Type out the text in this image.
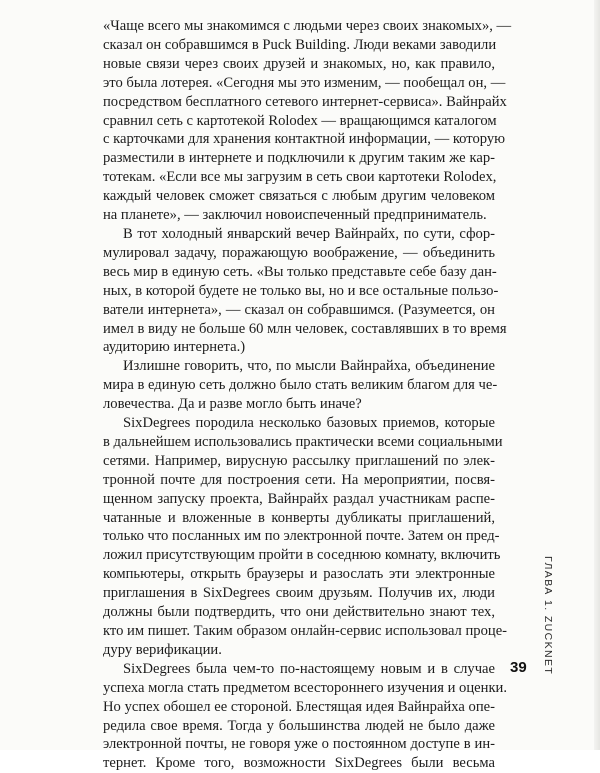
«Чаще всего мы знакомимся с людьми через своих знакомых», —
сказал он собравшимся в Puck Building. Люди веками заводили
новые связи через своих друзей и знакомых, но, как правило,
это была лотерея. «Сегодня мы это изменим, — пообещал он, —
посредством бесплатного сетевого интернет-сервиса». Вайнрайх
сравнил сеть с картотекой Rolodex — вращающимся каталогом
с карточками для хранения контактной информации, — которую
разместили в интернете и подключили к другим таким же кар-
тотекам. «Если все мы загрузим в сеть свои картотеки Rolodex,
каждый человек сможет связаться с любым другим человеком
на планете», — заключил новоиспеченный предприниматель.
В тот холодный январский вечер Вайнрайх, по сути, сфор-
мулировал задачу, поражающую воображение, — объединить
весь мир в единую сеть. «Вы только представьте себе базу дан-
ных, в которой будете не только вы, но и все остальные пользо-
ватели интернета», — сказал он собравшимся. (Разумеется, он
имел в виду не больше 60 млн человек, составлявших в то время
аудиторию интернета.)
Излишне говорить, что, по мысли Вайнрайха, объединение
мира в единую сеть должно было стать великим благом для че-
ловечества. Да и разве могло быть иначе?
SixDegrees породила несколько базовых приемов, которые
в дальнейшем использовались практически всеми социальными
сетями. Например, вирусную рассылку приглашений по элек-
тронной почте для построения сети. На мероприятии, посвя-
щенном запуску проекта, Вайнрайх раздал участникам распе-
чатанные и вложенные в конверты дубликаты приглашений,
только что посланных им по электронной почте. Затем он пред-
ложил присутствующим пройти в соседнюю комнату, включить
компьютеры, открыть браузеры и разослать эти электронные
приглашения в SixDegrees своим друзьям. Получив их, люди
должны были подтвердить, что они действительно знают тех,
кто им пишет. Таким образом онлайн-сервис использовал проце-
дуру верификации.
SixDegrees была чем-то по-настоящему новым и в случае
успеха могла стать предметом всестороннего изучения и оценки.
Но успех обошел ее стороной. Блестящая идея Вайнрайха опе-
редила свое время. Тогда у большинства людей не было даже
электронной почты, не говоря уже о постоянном доступе в ин-
тернет. Кроме того, возможности SixDegrees были весьма
ГЛАВА 1. ZUCKNET
39
